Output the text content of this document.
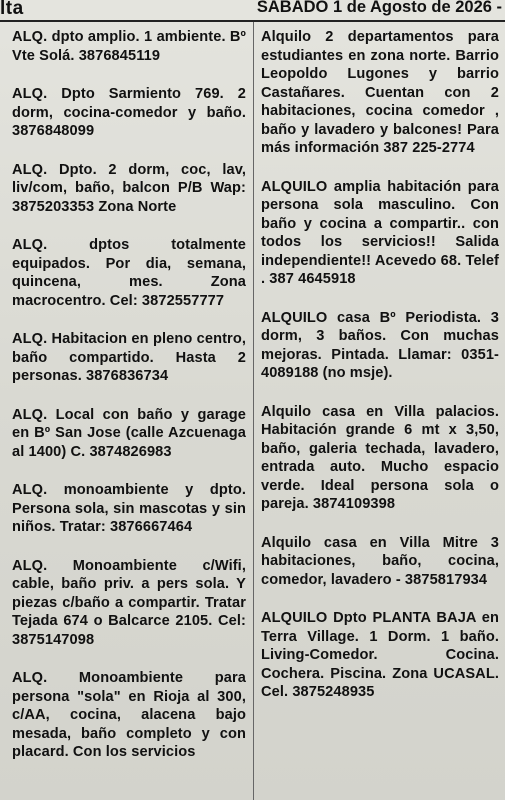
lta	SABADO 1 de Agosto de 2026 -

ALQ. dpto amplio. 1 ambiente. Bº Vte Solá. 3876845119

ALQ. Dpto Sarmiento 769. 2 dorm, cocina-comedor y baño. 3876848099

ALQ. Dpto. 2 dorm, coc, lav, liv/com, baño, balcon P/B Wap: 3875203353 Zona Norte

ALQ. dptos totalmente equipados. Por dia, semana, quincena, mes. Zona macrocentro. Cel: 3872557777

ALQ. Habitacion en pleno centro, baño compartido. Hasta 2 personas. 3876836734

ALQ. Local con baño y garage en Bº San Jose (calle Azcuenaga al 1400) C. 3874826983

ALQ. monoambiente y dpto. Persona sola, sin mascotas y sin niños. Tratar: 3876667464

ALQ. Monoambiente c/Wifi, cable, baño priv. a pers sola. Y piezas c/baño a compartir. Tratar Tejada 674 o Balcarce 2105. Cel: 3875147098

ALQ. Monoambiente para persona "sola" en Rioja al 300, c/AA, cocina, alacena bajo mesada, baño completo y con placard. Con los servicios

Alquilo 2 departamentos para estudiantes en zona norte. Barrio Leopoldo Lugones y barrio Castañares. Cuentan con 2 habitaciones, cocina comedor , baño y lavadero y balcones! Para más información 387 225-2774

ALQUILO amplia habitación para persona sola masculino. Con baño y cocina a compartir.. con todos los servicios!! Salida independiente!! Acevedo 68. Telef . 387 4645918

ALQUILO casa Bº Periodista. 3 dorm, 3 baños. Con muchas mejoras. Pintada. Llamar: 0351-4089188 (no msje).

Alquilo casa en Villa palacios. Habitación grande 6 mt x 3,50, baño, galeria techada, lavadero, entrada auto. Mucho espacio verde. Ideal persona sola o pareja. 3874109398

Alquilo casa en Villa Mitre 3 habitaciones, baño, cocina, comedor, lavadero - 3875817934

ALQUILO Dpto PLANTA BAJA en Terra Village. 1 Dorm. 1 baño. Living-Comedor. Cocina. Cochera. Piscina. Zona UCASAL. Cel. 3875248935
